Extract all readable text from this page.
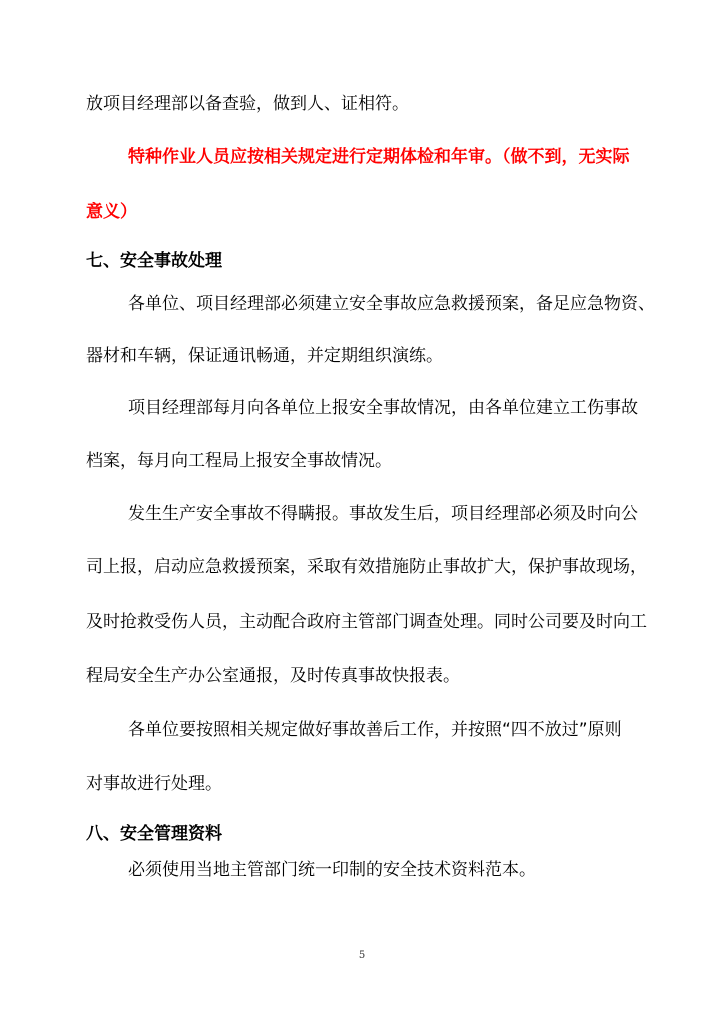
放项目经理部以备查验，做到人、证相符。

特种作业人员应按相关规定进行定期体检和年审。（做不到，无实际

意义）

七、安全事故处理

各单位、项目经理部必须建立安全事故应急救援预案，备足应急物资、

器材和车辆，保证通讯畅通，并定期组织演练。

项目经理部每月向各单位上报安全事故情况，由各单位建立工伤事故

档案，每月向工程局上报安全事故情况。

发生生产安全事故不得瞒报。事故发生后，项目经理部必须及时向公

司上报，启动应急救援预案，采取有效措施防止事故扩大，保护事故现场，

及时抢救受伤人员，主动配合政府主管部门调查处理。同时公司要及时向工

程局安全生产办公室通报，及时传真事故快报表。

各单位要按照相关规定做好事故善后工作，并按照“四不放过”原则

对事故进行处理。

八、安全管理资料

必须使用当地主管部门统一印制的安全技术资料范本。

5
